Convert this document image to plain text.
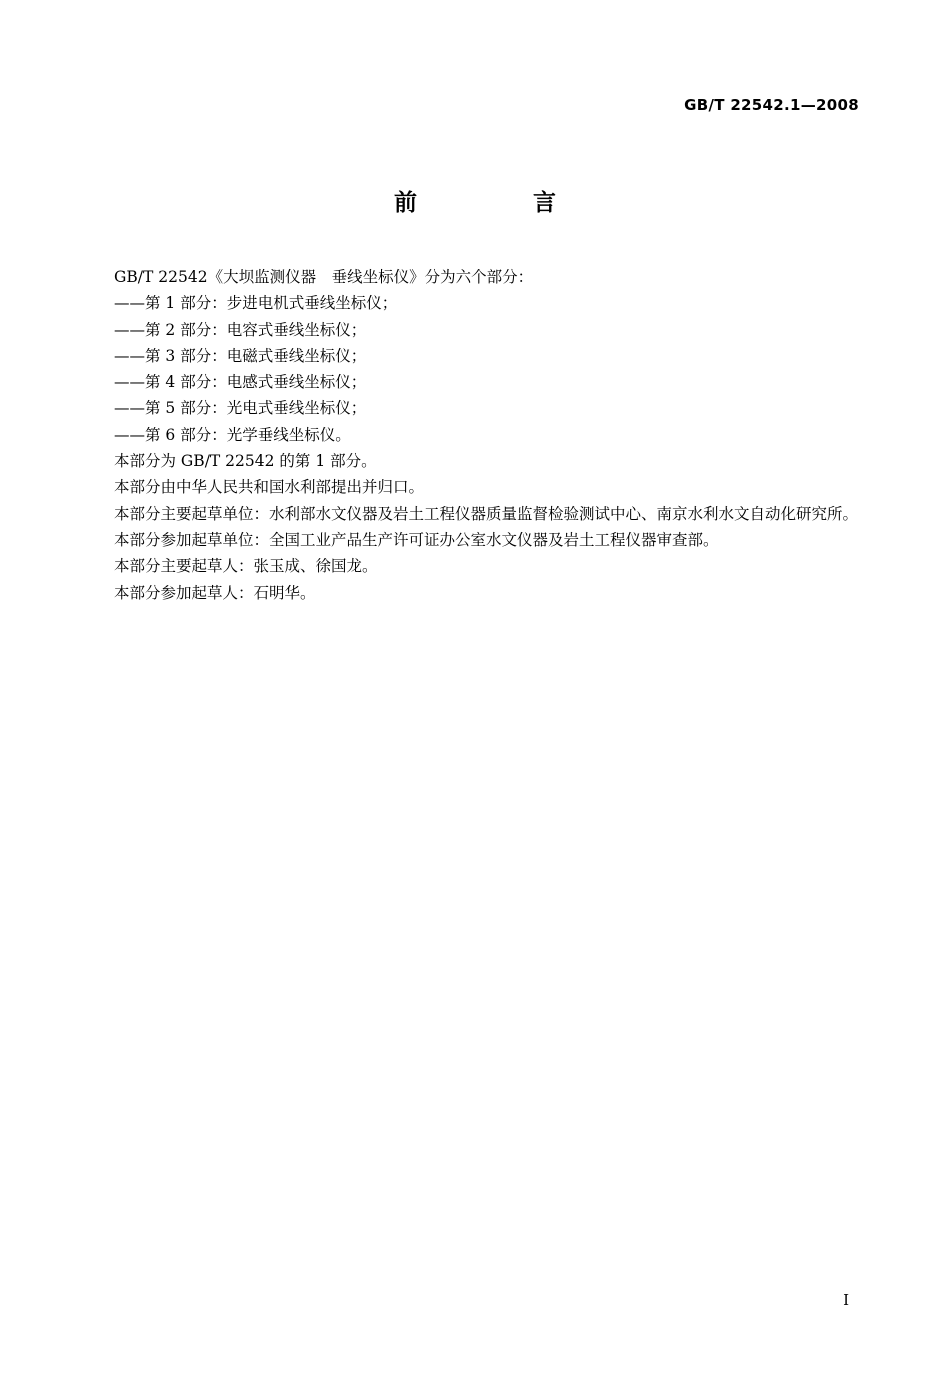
GB/T 22542.1—2008
前 言

GB/T 22542《大坝监测仪器　垂线坐标仪》分为六个部分：

——第 1 部分：步进电机式垂线坐标仪；

——第 2 部分：电容式垂线坐标仪；

——第 3 部分：电磁式垂线坐标仪；

——第 4 部分：电感式垂线坐标仪；

——第 5 部分：光电式垂线坐标仪；

——第 6 部分：光学垂线坐标仪。

本部分为 GB/T 22542 的第 1 部分。

本部分由中华人民共和国水利部提出并归口。

本部分主要起草单位：水利部水文仪器及岩土工程仪器质量监督检验测试中心、南京水利水文自动化研究所。

本部分参加起草单位：全国工业产品生产许可证办公室水文仪器及岩土工程仪器审查部。

本部分主要起草人：张玉成、徐国龙。

本部分参加起草人：石明华。

I
